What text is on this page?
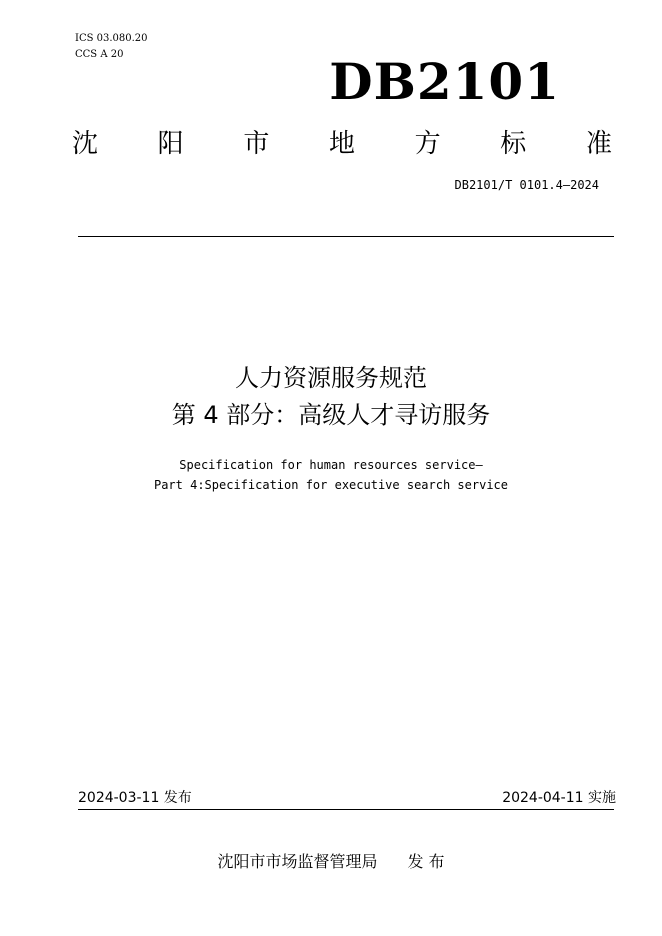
ICS 03.080.20
CCS A 20	DB2101
沈 阳 市 地 方 标 准
DB2101/T 0101.4—2024
人力资源服务规范
第 4 部分：高级人才寻访服务
Specification for human resources service—
Part 4:Specification for executive search service
2024-03-11 发布	2024-04-11 实施
沈阳市市场监督管理局 发 布
